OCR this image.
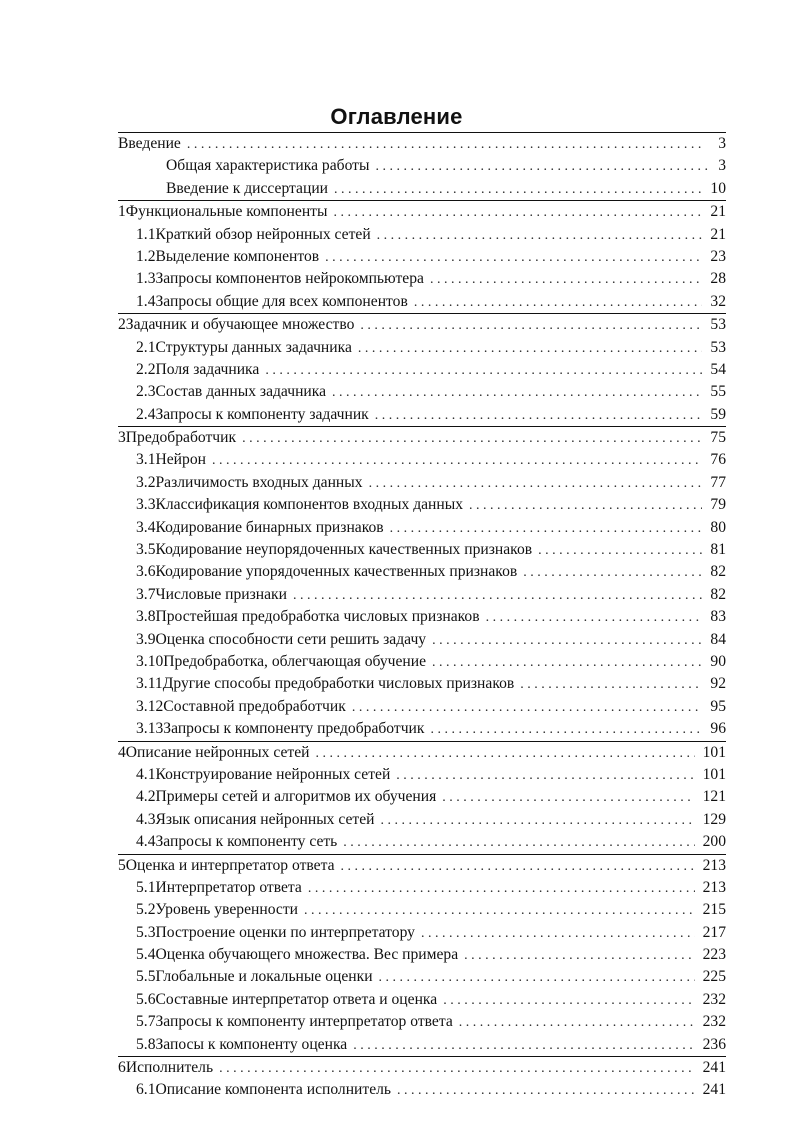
Оглавление
Введение . . .	3
Общая характеристика работы . . .	3
Введение к диссертации . . .	10
1 Функциональные компоненты . . .	21
1.1 Краткий обзор нейронных сетей . . .	21
1.2 Выделение компонентов . . .	23
1.3 Запросы компонентов нейрокомпьютера . . .	28
1.4 Запросы общие для всех компонентов . . .	32
2 Задачник и обучающее множество . . .	53
2.1 Структуры данных задачника . . .	53
2.2 Поля задачника . . .	54
2.3 Состав данных задачника . . .	55
2.4 Запросы к компоненту задачник . . .	59
3 Предобработчик . . .	75
3.1 Нейрон . . .	76
3.2 Различимость входных данных . . .	77
3.3 Классификация компонентов входных данных . . .	79
3.4 Кодирование бинарных признаков . . .	80
3.5 Кодирование неупорядоченных качественных признаков . . .	81
3.6 Кодирование упорядоченных качественных признаков . . .	82
3.7 Числовые признаки . . .	82
3.8 Простейшая предобработка числовых признаков . . .	83
3.9 Оценка способности сети решить задачу . . .	84
3.10 Предобработка, облегчающая обучение . . .	90
3.11 Другие способы предобработки числовых признаков . . .	92
3.12 Составной предобработчик . . .	95
3.13 Запросы к компоненту предобработчик . . .	96
4 Описание нейронных сетей . . .	101
4.1 Конструирование нейронных сетей . . .	101
4.2 Примеры сетей и алгоритмов их обучения . . .	121
4.3 Язык описания нейронных сетей . . .	129
4.4 Запросы к компоненту сеть . . .	200
5 Оценка и интерпретатор ответа . . .	213
5.1 Интерпретатор ответа . . .	213
5.2 Уровень уверенности . . .	215
5.3 Построение оценки по интерпретатору . . .	217
5.4 Оценка обучающего множества. Вес примера . . .	223
5.5 Глобальные и локальные оценки . . .	225
5.6 Составные интерпретатор ответа и оценка . . .	232
5.7 Запросы к компоненту интерпретатор ответа . . .	232
5.8 Запосы к компоненту оценка . . .	236
6 Исполнитель . . .	241
6.1 Описание компонента исполнитель . . .	241
